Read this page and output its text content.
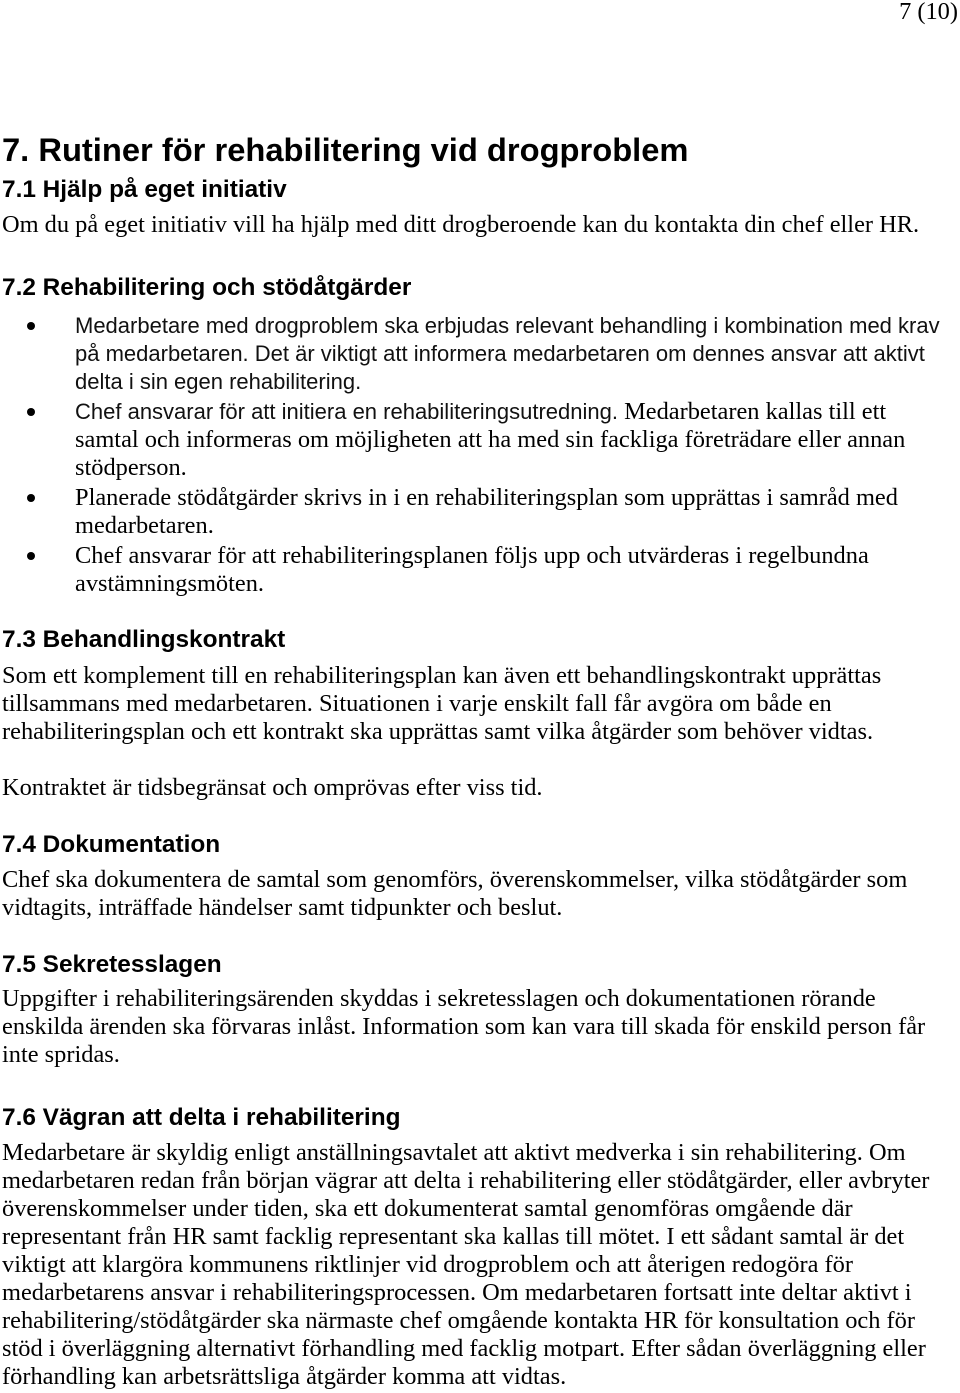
7 (10)
7. Rutiner för rehabilitering vid drogproblem
7.1 Hjälp på eget initiativ
Om du på eget initiativ vill ha hjälp med ditt drogberoende kan du kontakta din chef eller HR.
7.2 Rehabilitering och stödåtgärder
Medarbetare med drogproblem ska erbjudas relevant behandling i kombination med krav
på medarbetaren. Det är viktigt att informera medarbetaren om dennes ansvar att aktivt
delta i sin egen rehabilitering.
Chef ansvarar för att initiera en rehabiliteringsutredning. Medarbetaren kallas till ett
samtal och informeras om möjligheten att ha med sin fackliga företrädare eller annan
stödperson.
Planerade stödåtgärder skrivs in i en rehabiliteringsplan som upprättas i samråd med
medarbetaren.
Chef ansvarar för att rehabiliteringsplanen följs upp och utvärderas i regelbundna
avstämningsmöten.
7.3 Behandlingskontrakt
Som ett komplement till en rehabiliteringsplan kan även ett behandlingskontrakt upprättas
tillsammans med medarbetaren. Situationen i varje enskilt fall får avgöra om både en
rehabiliteringsplan och ett kontrakt ska upprättas samt vilka åtgärder som behöver vidtas.
Kontraktet är tidsbegränsat och omprövas efter viss tid.
7.4 Dokumentation
Chef ska dokumentera de samtal som genomförs, överenskommelser, vilka stödåtgärder som
vidtagits, inträffade händelser samt tidpunkter och beslut.
7.5 Sekretesslagen
Uppgifter i rehabiliteringsärenden skyddas i sekretesslagen och dokumentationen rörande
enskilda ärenden ska förvaras inlåst. Information som kan vara till skada för enskild person får
inte spridas.
7.6 Vägran att delta i rehabilitering
Medarbetare är skyldig enligt anställningsavtalet att aktivt medverka i sin rehabilitering. Om
medarbetaren redan från början vägrar att delta i rehabilitering eller stödåtgärder, eller avbryter
överenskommelser under tiden, ska ett dokumenterat samtal genomföras omgående där
representant från HR samt facklig representant ska kallas till mötet. I ett sådant samtal är det
viktigt att klargöra kommunens riktlinjer vid drogproblem och att återigen redogöra för
medarbetarens ansvar i rehabiliteringsprocessen. Om medarbetaren fortsatt inte deltar aktivt i
rehabilitering/stödåtgärder ska närmaste chef omgående kontakta HR för konsultation och för
stöd i överläggning alternativt förhandling med facklig motpart. Efter sådan överläggning eller
förhandling kan arbetsrättsliga åtgärder komma att vidtas.
